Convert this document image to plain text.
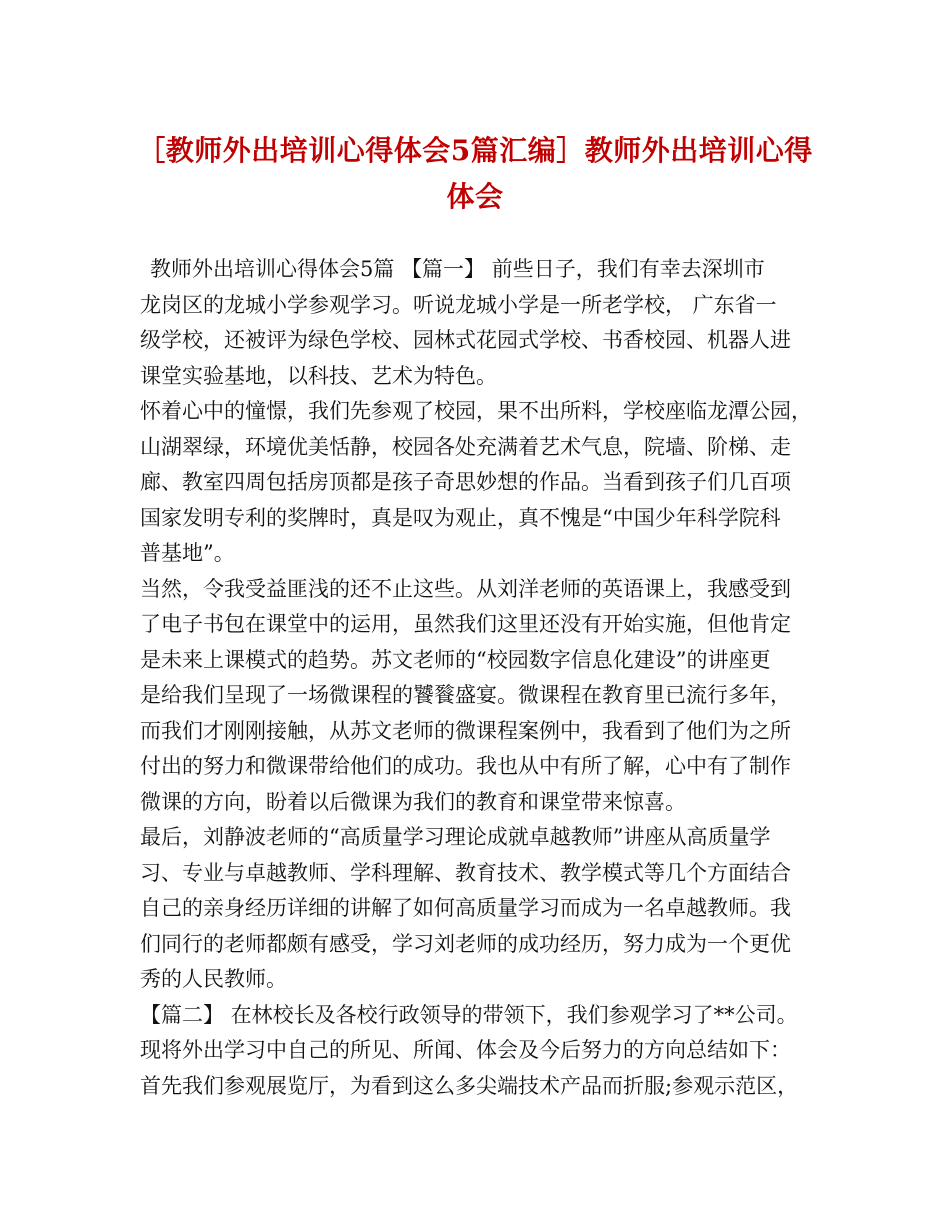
［教师外出培训心得体会5篇汇编］教师外出培训心得
体会

教师外出培训心得体会5篇 【篇一】 前些日子，我们有幸去深圳市

龙岗区的龙城小学参观学习。听说龙城小学是一所老学校， 广东省一

级学校，还被评为绿色学校、园林式花园式学校、书香校园、机器人进

课堂实验基地，以科技、艺术为特色。

怀着心中的憧憬，我们先参观了校园，果不出所料，学校座临龙潭公园，

山湖翠绿，环境优美恬静，校园各处充满着艺术气息，院墙、阶梯、走

廊、教室四周包括房顶都是孩子奇思妙想的作品。当看到孩子们几百项

国家发明专利的奖牌时，真是叹为观止，真不愧是“中国少年科学院科

普基地”。

当然，令我受益匪浅的还不止这些。从刘洋老师的英语课上，我感受到

了电子书包在课堂中的运用，虽然我们这里还没有开始实施，但他肯定

是未来上课模式的趋势。苏文老师的“校园数字信息化建设”的讲座更

是给我们呈现了一场微课程的饕餮盛宴。微课程在教育里已流行多年，

而我们才刚刚接触，从苏文老师的微课程案例中，我看到了他们为之所

付出的努力和微课带给他们的成功。我也从中有所了解，心中有了制作

微课的方向，盼着以后微课为我们的教育和课堂带来惊喜。

最后，刘静波老师的“高质量学习理论成就卓越教师”讲座从高质量学

习、专业与卓越教师、学科理解、教育技术、教学模式等几个方面结合

自己的亲身经历详细的讲解了如何高质量学习而成为一名卓越教师。我

们同行的老师都颇有感受，学习刘老师的成功经历，努力成为一个更优

秀的人民教师。

【篇二】 在林校长及各校行政领导的带领下，我们参观学习了**公司。

现将外出学习中自己的所见、所闻、体会及今后努力的方向总结如下：

首先我们参观展览厅，为看到这么多尖端技术产品而折服;参观示范区，
